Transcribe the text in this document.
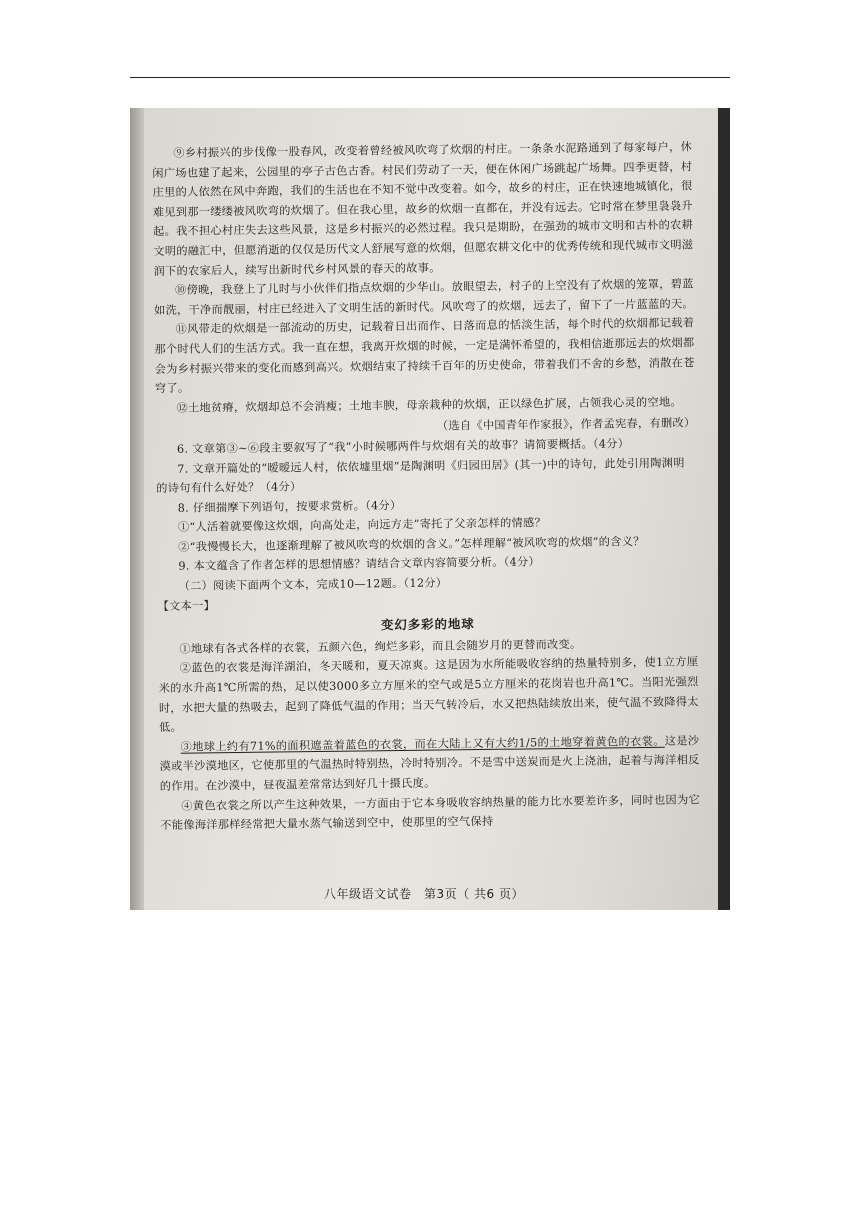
⑨乡村振兴的步伐像一股春风，改变着曾经被风吹弯了炊烟的村庄。一条条水泥路通到了每家每户，休闲广场也建了起来，公园里的亭子古色古香。村民们劳动了一天，便在休闲广场跳起广场舞。四季更替，村庄里的人依然在风中奔跑，我们的生活也在不知不觉中改变着。如今，故乡的村庄，正在快速地城镇化，很难见到那一缕缕被风吹弯的炊烟了。但在我心里，故乡的炊烟一直都在，并没有远去。它时常在梦里袅袅升起。我不担心村庄失去这些风景，这是乡村振兴的必然过程。我只是期盼，在强劲的城市文明和古朴的农耕文明的融汇中，但愿消逝的仅仅是历代文人舒展写意的炊烟，但愿农耕文化中的优秀传统和现代城市文明滋润下的农家后人，续写出新时代乡村风景的春天的故事。

⑩傍晚，我登上了儿时与小伙伴们指点炊烟的少华山。放眼望去，村子的上空没有了炊烟的笼罩，碧蓝如洗，干净而靓丽，村庄已经进入了文明生活的新时代。风吹弯了的炊烟，远去了，留下了一片蓝蓝的天。

⑪风带走的炊烟是一部流动的历史，记载着日出而作、日落而息的恬淡生活，每个时代的炊烟都记载着那个时代人们的生活方式。我一直在想，我离开炊烟的时候，一定是满怀希望的，我相信逝那远去的炊烟都会为乡村振兴带来的变化而感到高兴。炊烟结束了持续千百年的历史使命，带着我们不舍的乡愁，消散在苍穹了。

⑫土地贫瘠，炊烟却总不会消瘦；土地丰腴，母亲栽种的炊烟，正以绿色扩展，占领我心灵的空地。

（选自《中国青年作家报》，作者孟宪春，有删改）

6. 文章第③~⑥段主要叙写了“我”小时候哪两件与炊烟有关的故事？请简要概括。（4分）

7. 文章开篇处的“暧暧远人村，依依墟里烟”是陶渊明《归园田居》(其一)中的诗句，此处引用陶渊明的诗句有什么好处？（4分）

8. 仔细揣摩下列语句，按要求赏析。（4分）

①“人活着就要像这炊烟，向高处走，向远方走”寄托了父亲怎样的情感？

②“我慢慢长大，也逐渐理解了被风吹弯的炊烟的含义。”怎样理解“被风吹弯的炊烟”的含义？

9. 本文蕴含了作者怎样的思想情感？请结合文章内容简要分析。（4分）

（二）阅读下面两个文本，完成10—12题。（12分）

【文本一】

变幻多彩的地球

①地球有各式各样的衣裳，五颜六色，绚烂多彩，而且会随岁月的更替而改变。

②蓝色的衣裳是海洋湖泊，冬天暖和，夏天凉爽。这是因为水所能吸收容纳的热量特别多，使1立方厘米的水升高1℃所需的热，足以使3000多立方厘米的空气或是5立方厘米的花岗岩也升高1℃。当阳光强烈时，水把大量的热吸去，起到了降低气温的作用；当天气转冷后，水又把热陆续放出来，使气温不致降得太低。

③地球上约有71%的面积遮盖着蓝色的衣裳，而在大陆上又有大约1/5的土地穿着黄色的衣裳。这是沙漠或半沙漠地区，它使那里的气温热时特别热，冷时特别冷。不是雪中送炭而是火上浇油，起着与海洋相反的作用。在沙漠中，昼夜温差常常达到好几十摄氏度。

④黄色衣裳之所以产生这种效果，一方面由于它本身吸收容纳热量的能力比水要差许多，同时也因为它不能像海洋那样经常把大量水蒸气输送到空中，使那里的空气保持

八年级语文试卷　第3页（ 共6 页）
